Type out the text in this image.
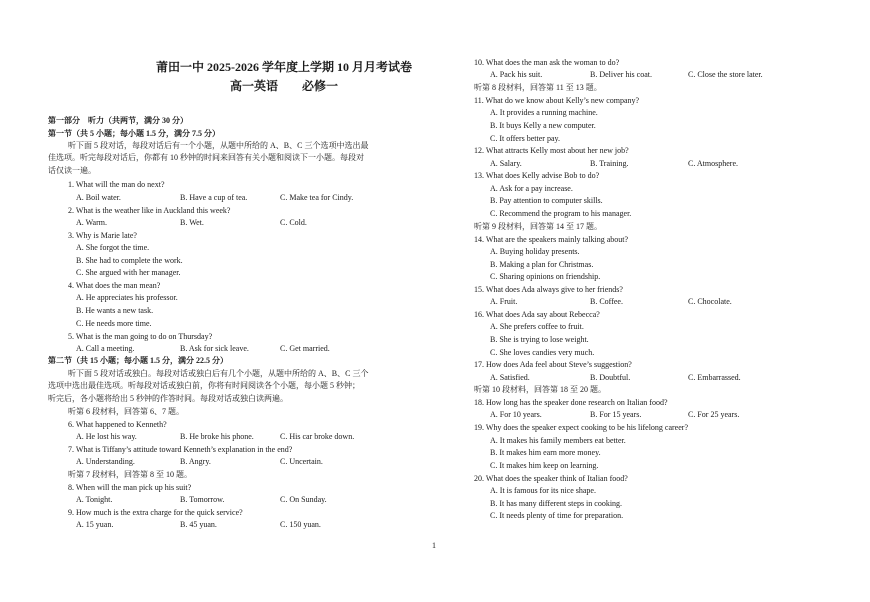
莆田一中 2025-2026 学年度上学期 10 月月考试卷
高一英语　　必修一
第一部分　听力（共两节，满分 30 分）
第一节（共 5 小题；每小题 1.5 分，满分 7.5 分）
听下面 5 段对话，每段对话后有一个小题，从题中所给的 A、B、C 三个选项中选出最
佳选项。听完每段对话后，你都有 10 秒钟的时间来回答有关小题和阅读下一小题。每段对
话仅读一遍。
1. What will the man do next?
A. Boil water.	B. Have a cup of tea.	C. Make tea for Cindy.
2. What is the weather like in Auckland this week?
A. Warm.	B. Wet.	C. Cold.
3. Why is Marie late?
A. She forgot the time.
B. She had to complete the work.
C. She argued with her manager.
4. What does the man mean?
A. He appreciates his professor.
B. He wants a new task.
C. He needs more time.
5. What is the man going to do on Thursday?
A. Call a meeting.	B. Ask for sick leave.	C. Get married.
第二节（共 15 小题；每小题 1.5 分，满分 22.5 分）
听下面 5 段对话或独白。每段对话或独白后有几个小题，从题中所给的 A、B、C 三个
选项中选出最佳选项。听每段对话或独白前，你将有时间阅读各个小题，每小题 5 秒钟；
听完后，各小题将给出 5 秒钟的作答时间。每段对话或独白读两遍。
听第 6 段材料，回答第 6、7 题。
6. What happened to Kenneth?
A. He lost his way.	B. He broke his phone.	C. His car broke down.
7. What is Tiffany’s attitude toward Kenneth’s explanation in the end?
A. Understanding.	B. Angry.	C. Uncertain.
听第 7 段材料，回答第 8 至 10 题。
8. When will the man pick up his suit?
A. Tonight.	B. Tomorrow.	C. On Sunday.
9. How much is the extra charge for the quick service?
A. 15 yuan.	B. 45 yuan.	C. 150 yuan.
10. What does the man ask the woman to do?
A. Pack his suit.	B. Deliver his coat.	C. Close the store later.
听第 8 段材料，回答第 11 至 13 题。
11. What do we know about Kelly’s new company?
A. It provides a running machine.
B. It buys Kelly a new computer.
C. It offers better pay.
12. What attracts Kelly most about her new job?
A. Salary.	B. Training.	C. Atmosphere.
13. What does Kelly advise Bob to do?
A. Ask for a pay increase.
B. Pay attention to computer skills.
C. Recommend the program to his manager.
听第 9 段材料，回答第 14 至 17 题。
14. What are the speakers mainly talking about?
A. Buying holiday presents.
B. Making a plan for Christmas.
C. Sharing opinions on friendship.
15. What does Ada always give to her friends?
A. Fruit.	B. Coffee.	C. Chocolate.
16. What does Ada say about Rebecca?
A. She prefers coffee to fruit.
B. She is trying to lose weight.
C. She loves candies very much.
17. How does Ada feel about Steve’s suggestion?
A. Satisfied.	B. Doubtful.	C. Embarrassed.
听第 10 段材料，回答第 18 至 20 题。
18. How long has the speaker done research on Italian food?
A. For 10 years.	B. For 15 years.	C. For 25 years.
19. Why does the speaker expect cooking to be his lifelong career?
A. It makes his family members eat better.
B. It makes him earn more money.
C. It makes him keep on learning.
20. What does the speaker think of Italian food?
A. It is famous for its nice shape.
B. It has many different steps in cooking.
C. It needs plenty of time for preparation.
1
